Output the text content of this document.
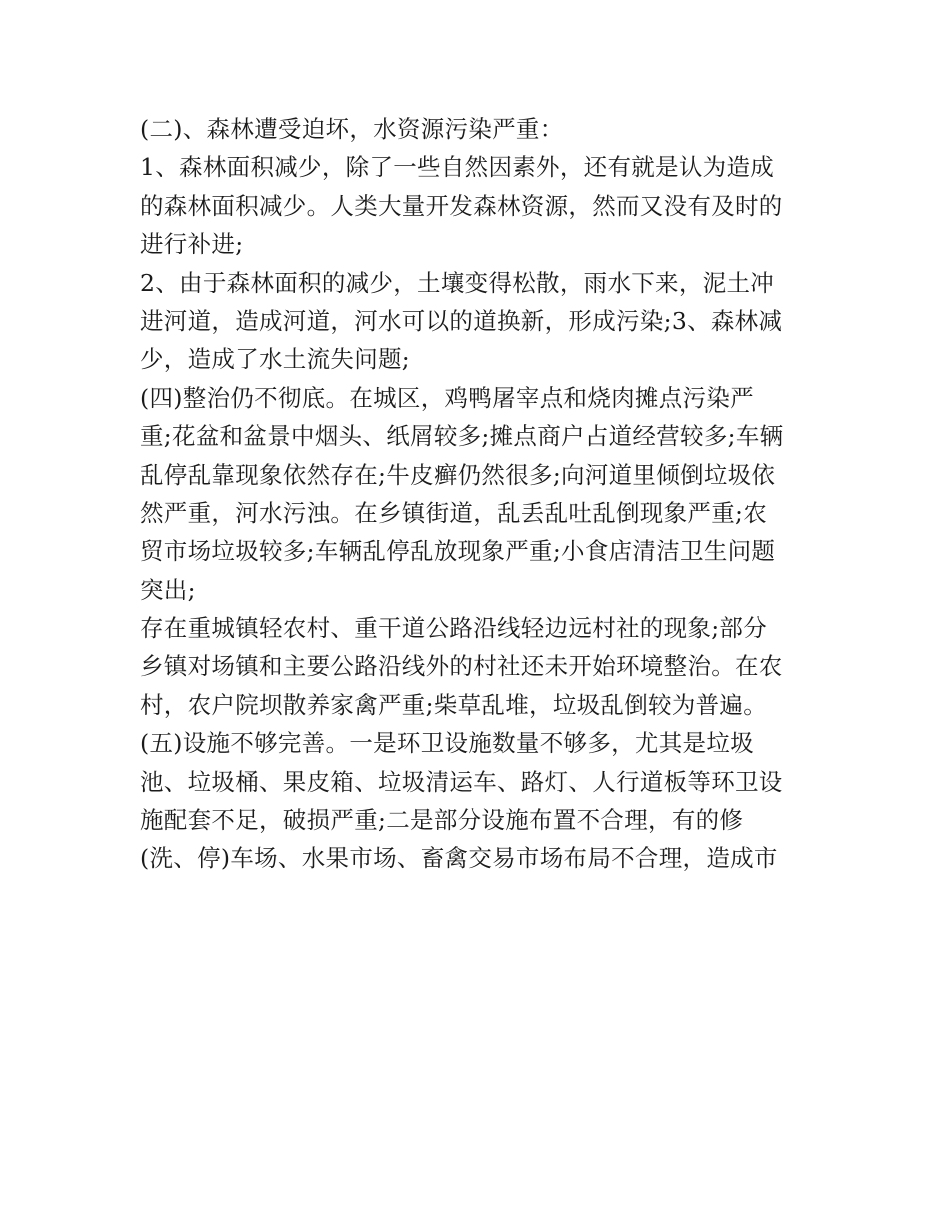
(二)、森林遭受迫坏，水资源污染严重：
1、森林面积减少，除了一些自然因素外，还有就是认为造成
的森林面积减少。人类大量开发森林资源，然而又没有及时的
进行补进;
2、由于森林面积的减少，土壤变得松散，雨水下来，泥土冲
进河道，造成河道，河水可以的道换新，形成污染;3、森林减
少，造成了水土流失问题;
(四)整治仍不彻底。在城区，鸡鸭屠宰点和烧肉摊点污染严
重;花盆和盆景中烟头、纸屑较多;摊点商户占道经营较多;车辆
乱停乱靠现象依然存在;牛皮癣仍然很多;向河道里倾倒垃圾依
然严重，河水污浊。在乡镇街道，乱丢乱吐乱倒现象严重;农
贸市场垃圾较多;车辆乱停乱放现象严重;小食店清洁卫生问题
突出;
存在重城镇轻农村、重干道公路沿线轻边远村社的现象;部分
乡镇对场镇和主要公路沿线外的村社还未开始环境整治。在农
村，农户院坝散养家禽严重;柴草乱堆，垃圾乱倒较为普遍。
(五)设施不够完善。一是环卫设施数量不够多，尤其是垃圾
池、垃圾桶、果皮箱、垃圾清运车、路灯、人行道板等环卫设
施配套不足，破损严重;二是部分设施布置不合理，有的修
(洗、停)车场、水果市场、畜禽交易市场布局不合理，造成市
